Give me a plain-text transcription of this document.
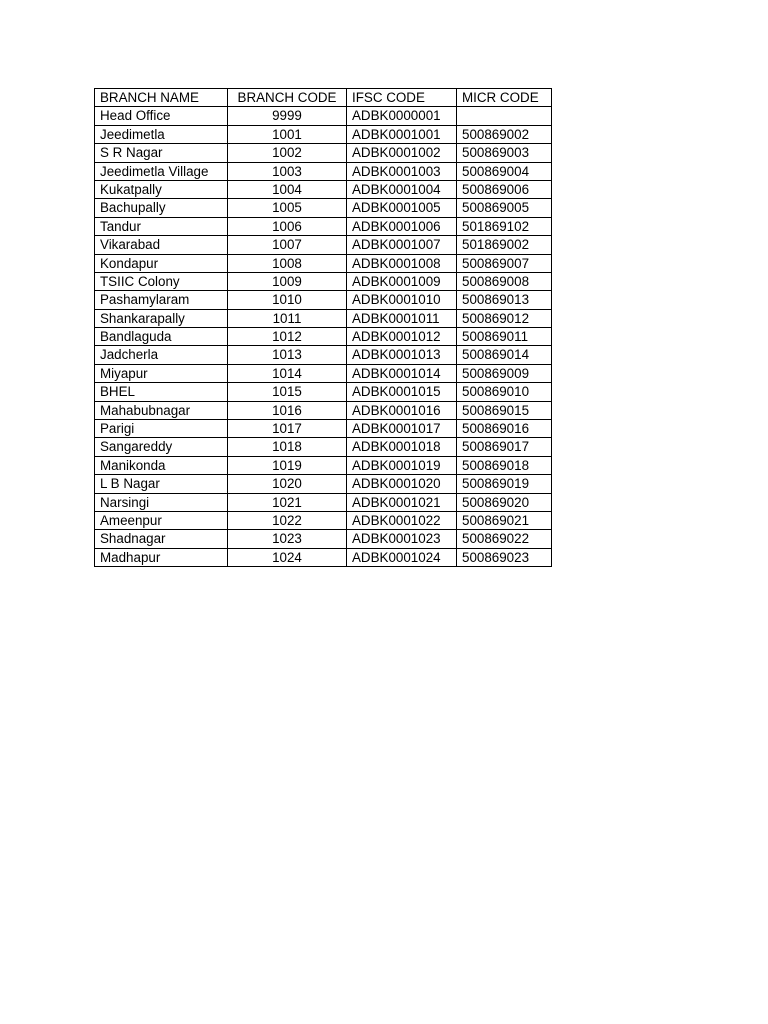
BRANCH NAME	BRANCH CODE	IFSC CODE	MICR CODE
Head Office	9999	ADBK0000001	
Jeedimetla	1001	ADBK0001001	500869002
S R Nagar	1002	ADBK0001002	500869003
Jeedimetla Village	1003	ADBK0001003	500869004
Kukatpally	1004	ADBK0001004	500869006
Bachupally	1005	ADBK0001005	500869005
Tandur	1006	ADBK0001006	501869102
Vikarabad	1007	ADBK0001007	501869002
Kondapur	1008	ADBK0001008	500869007
TSIIC Colony	1009	ADBK0001009	500869008
Pashamylaram	1010	ADBK0001010	500869013
Shankarapally	1011	ADBK0001011	500869012
Bandlaguda	1012	ADBK0001012	500869011
Jadcherla	1013	ADBK0001013	500869014
Miyapur	1014	ADBK0001014	500869009
BHEL	1015	ADBK0001015	500869010
Mahabubnagar	1016	ADBK0001016	500869015
Parigi	1017	ADBK0001017	500869016
Sangareddy	1018	ADBK0001018	500869017
Manikonda	1019	ADBK0001019	500869018
L B Nagar	1020	ADBK0001020	500869019
Narsingi	1021	ADBK0001021	500869020
Ameenpur	1022	ADBK0001022	500869021
Shadnagar	1023	ADBK0001023	500869022
Madhapur	1024	ADBK0001024	500869023
